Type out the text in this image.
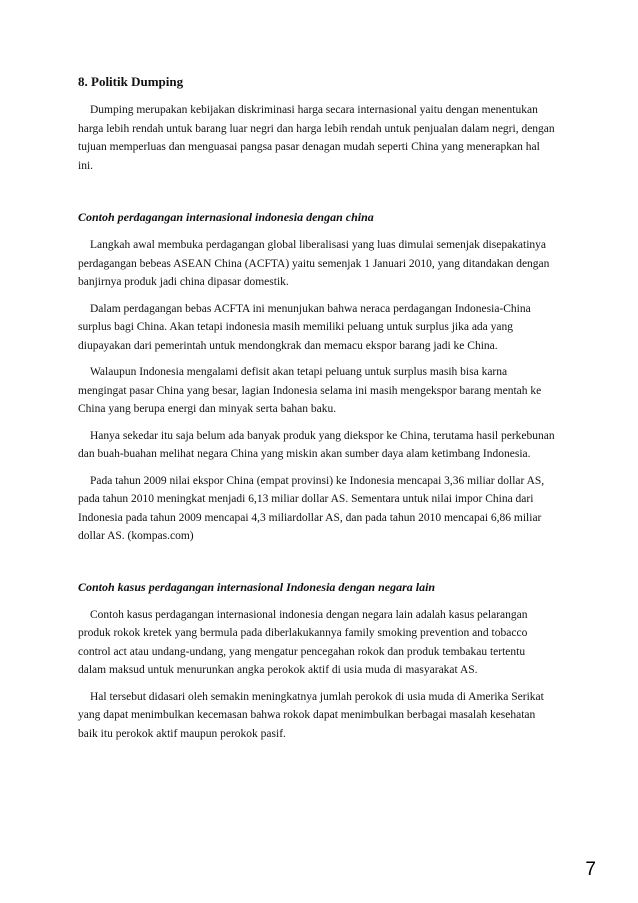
8. Politik Dumping

Dumping merupakan kebijakan diskriminasi harga secara internasional yaitu dengan menentukan harga lebih rendah untuk barang luar negri dan harga lebih rendah untuk penjualan dalam negri, dengan tujuan memperluas dan menguasai pangsa pasar denagan mudah seperti China yang menerapkan hal ini.

Contoh perdagangan internasional indonesia dengan china

Langkah awal membuka perdagangan global liberalisasi yang luas dimulai semenjak disepakatinya perdagangan bebeas ASEAN China (ACFTA) yaitu semenjak 1 Januari 2010, yang ditandakan dengan banjirnya produk jadi china dipasar domestik.

Dalam perdagangan bebas ACFTA ini menunjukan bahwa neraca perdagangan Indonesia-China surplus bagi China. Akan tetapi indonesia masih memiliki peluang untuk surplus jika ada yang diupayakan dari pemerintah untuk mendongkrak dan memacu ekspor barang jadi ke China.

Walaupun Indonesia mengalami defisit akan tetapi peluang untuk surplus masih bisa karna mengingat pasar China yang besar, lagian Indonesia selama ini masih mengekspor barang mentah ke China yang berupa energi dan minyak serta bahan baku.

Hanya sekedar itu saja belum ada banyak produk yang diekspor ke China, terutama hasil perkebunan dan buah-buahan melihat negara China yang miskin akan sumber daya alam ketimbang Indonesia.

Pada tahun 2009 nilai ekspor China (empat provinsi) ke Indonesia mencapai 3,36 miliar dollar AS, pada tahun 2010 meningkat menjadi 6,13 miliar dollar AS. Sementara untuk nilai impor China dari Indonesia pada tahun 2009 mencapai 4,3 miliardollar AS, dan pada tahun 2010 mencapai 6,86 miliar dollar AS. (kompas.com)

Contoh kasus perdagangan internasional Indonesia dengan negara lain

Contoh kasus perdagangan internasional indonesia dengan negara lain adalah kasus pelarangan produk rokok kretek yang bermula pada diberlakukannya family smoking prevention and tobacco control act atau undang-undang, yang mengatur pencegahan rokok dan produk tembakau tertentu dalam maksud untuk menurunkan angka perokok aktif di usia muda di masyarakat AS.

Hal tersebut didasari oleh semakin meningkatnya jumlah perokok di usia muda di Amerika Serikat yang dapat menimbulkan kecemasan bahwa rokok dapat menimbulkan berbagai masalah kesehatan baik itu perokok aktif maupun perokok pasif.

7
